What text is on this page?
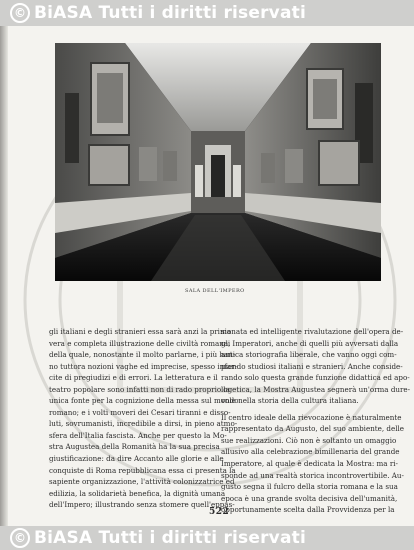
© BiASA Tutti i diritti riservati
SALA DELL'IMPERO
gli italiani e degli stranieri essa sarà anzi la prima
vera e completa illustrazione delle civiltà romana,
della quale, nonostante il molto parlarne, i più han-
no tuttora nozioni vaghe ed imprecise, spesso infar-
cite di pregiudizi e di errori. La letteratura e il
teatro popolare sono infatti non di rado proprio la
unica fonte per la cognizione della messa sul mondo
romano; e i volti moveri dei Cesari tiranni e disso-
luti, sovrumanisti, incredibile a dirsi, in pieno atmo-
sfera dell'Italia fascista. Anche per questo la Mo-
stra Augustea della Romanità ha la sua precisa
giustificazione: da dire Accanto alle glorie e alle
conquiste di Roma repubblicana essa ci presenta la
sapiente organizzazione, l'attività colonizzatrice ed
edilizia, la solidarietà benefica, la dignità umana
dell'Impero; illustrando senza stomere quell'eppas-
sionata ed intelligente rivalutazione dell'opera de-
gli Imperatori, anche di quelli più avversati dalla
antica storiografia liberale, che vanno oggi com-
piendo studiosi italiani e stranieri. Anche conside-
rando solo questa grande funzione didattica ed apo-
logetica, la Mostra Augustea segnerà un'orma dure-
vole nella storia della cultura italiana.
Il centro ideale della rievocazione è naturalmente
rappresentato da Augusto, del suo ambiente, delle
sue realizzazioni. Ciò non è soltanto un omaggio
allusivo alla celebrazione bimillenaria del grande
Imperatore, al quale è dedicata la Mostra: ma ri-
sponde ad una realtà storica incontrovertibile. Au-
gusto segna il fulcro della storia romana e la sua
epoca è una grande svolta decisiva dell'umanità,
opportunamente scelta dalla Provvidenza per la
522
© BiASA Tutti i diritti riservati
